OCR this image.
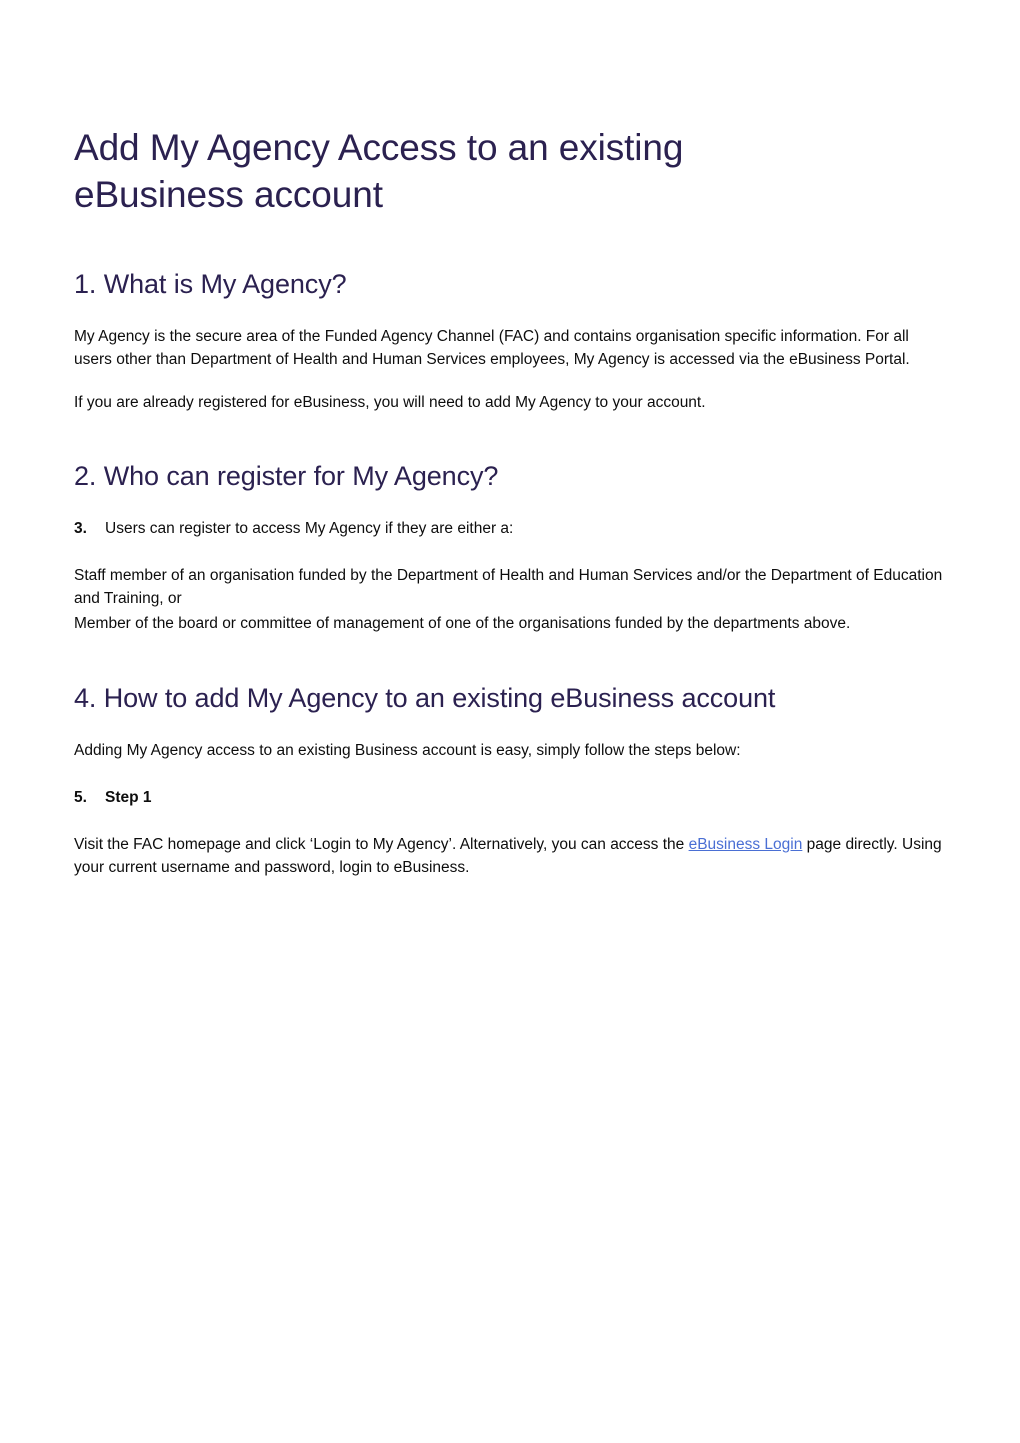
Add My Agency Access to an existing eBusiness account
1. What is My Agency?

My Agency is the secure area of the Funded Agency Channel (FAC) and contains organisation specific information. For all users other than Department of Health and Human Services employees, My Agency is accessed via the eBusiness Portal.

If you are already registered for eBusiness, you will need to add My Agency to your account.

2. Who can register for My Agency?
3.	Users can register to access My Agency if they are either a:

Staff member of an organisation funded by the Department of Health and Human Services and/or the Department of Education and Training, or

Member of the board or committee of management of one of the organisations funded by the departments above.

4. How to add My Agency to an existing eBusiness account

Adding My Agency access to an existing Business account is easy, simply follow the steps below:

5.	Step 1

Visit the FAC homepage and click ‘Login to My Agency’. Alternatively, you can access the eBusiness Login page directly. Using your current username and password, login to eBusiness.
